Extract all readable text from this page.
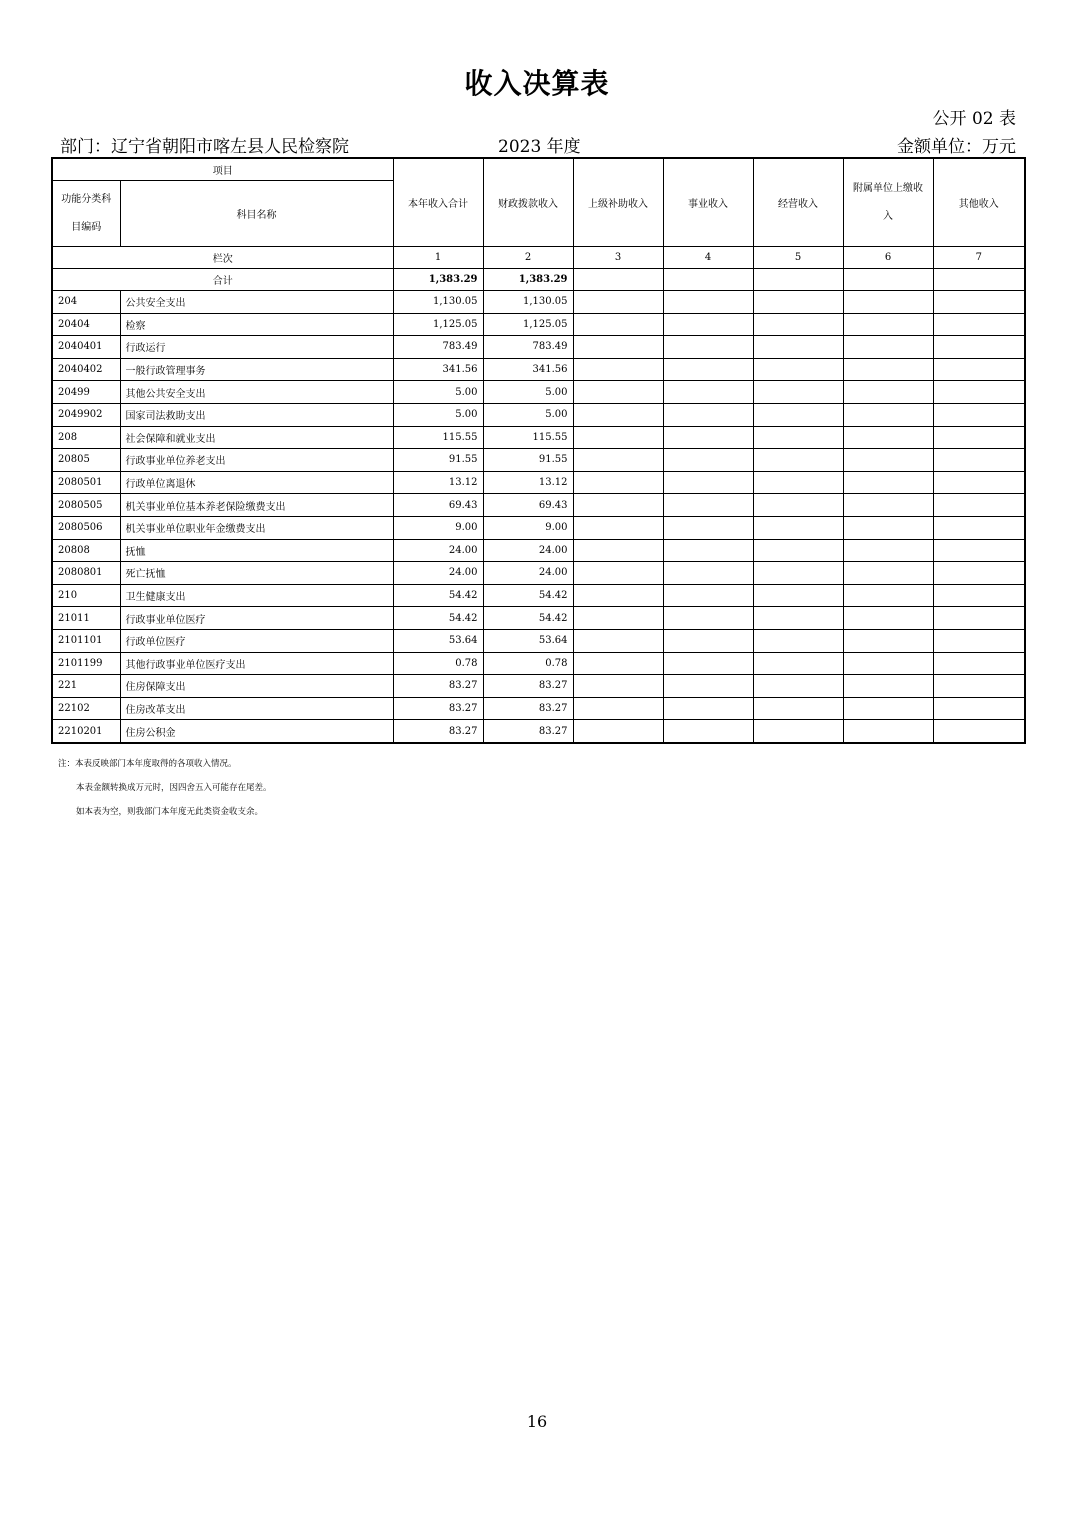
收入决算表
公开 02 表
部门：辽宁省朝阳市喀左县人民检察院	2023 年度	金额单位：万元
项目		本年收入合计	财政拨款收入	上级补助收入	事业收入	经营收入	附属单位上缴收入	其他收入
功能分类科目编码	科目名称							
栏次		1	2	3	4	5	6	7
合计		1,383.29	1,383.29					
204	公共安全支出	1,130.05	1,130.05					
20404	检察	1,125.05	1,125.05					
2040401	行政运行	783.49	783.49					
2040402	一般行政管理事务	341.56	341.56					
20499	其他公共安全支出	5.00	5.00					
2049902	国家司法救助支出	5.00	5.00					
208	社会保障和就业支出	115.55	115.55					
20805	行政事业单位养老支出	91.55	91.55					
2080501	行政单位离退休	13.12	13.12					
2080505	机关事业单位基本养老保险缴费支出	69.43	69.43					
2080506	机关事业单位职业年金缴费支出	9.00	9.00					
20808	抚恤	24.00	24.00					
2080801	死亡抚恤	24.00	24.00					
210	卫生健康支出	54.42	54.42					
21011	行政事业单位医疗	54.42	54.42					
2101101	行政单位医疗	53.64	53.64					
2101199	其他行政事业单位医疗支出	0.78	0.78					
221	住房保障支出	83.27	83.27					
22102	住房改革支出	83.27	83.27					
2210201	住房公积金	83.27	83.27					
注：本表反映部门本年度取得的各项收入情况。
本表金额转换成万元时，因四舍五入可能存在尾差。
如本表为空，则我部门本年度无此类资金收支余。
16
